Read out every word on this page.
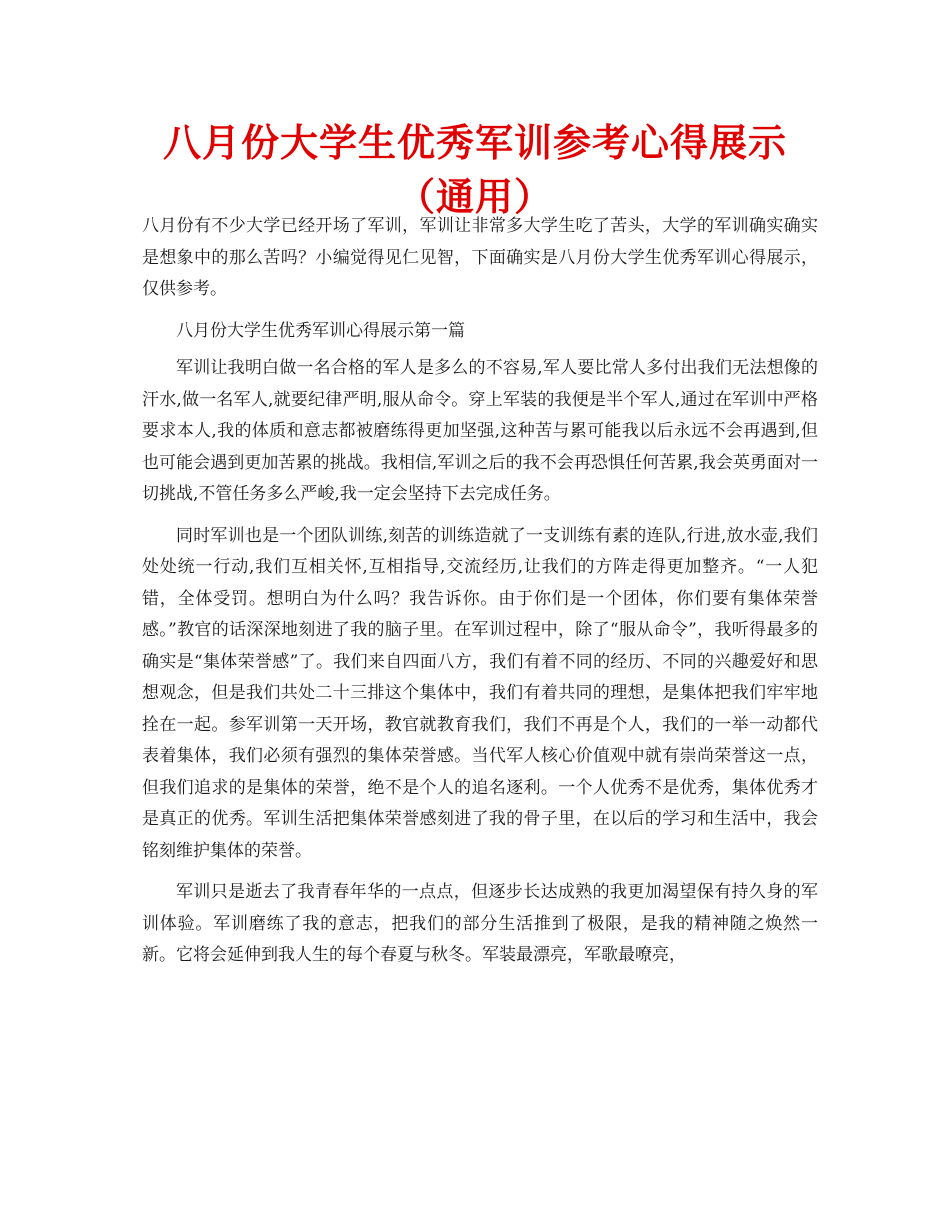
八月份大学生优秀军训参考心得展示（通用）

八月份有不少大学已经开场了军训，军训让非常多大学生吃了苦头，大学的军训确实确实是想象中的那么苦吗？小编觉得见仁见智，下面确实是八月份大学生优秀军训心得展示，仅供参考。

八月份大学生优秀军训心得展示第一篇

军训让我明白做一名合格的军人是多么的不容易,军人要比常人多付出我们无法想像的汗水,做一名军人,就要纪律严明,服从命令。穿上军装的我便是半个军人,通过在军训中严格要求本人,我的体质和意志都被磨练得更加坚强,这种苦与累可能我以后永远不会再遇到,但也可能会遇到更加苦累的挑战。我相信,军训之后的我不会再恐惧任何苦累,我会英勇面对一切挑战,不管任务多么严峻,我一定会坚持下去完成任务。

同时军训也是一个团队训练,刻苦的训练造就了一支训练有素的连队,行进,放水壶,我们处处统一行动,我们互相关怀,互相指导,交流经历,让我们的方阵走得更加整齐。“一人犯错，全体受罚。想明白为什么吗？我告诉你。由于你们是一个团体，你们要有集体荣誉感。”教官的话深深地刻进了我的脑子里。在军训过程中，除了“服从命令”，我听得最多的确实是“集体荣誉感”了。我们来自四面八方，我们有着不同的经历、不同的兴趣爱好和思想观念，但是我们共处二十三排这个集体中，我们有着共同的理想，是集体把我们牢牢地拴在一起。参军训第一天开场，教官就教育我们，我们不再是个人，我们的一举一动都代表着集体，我们必须有强烈的集体荣誉感。当代军人核心价值观中就有崇尚荣誉这一点，但我们追求的是集体的荣誉，绝不是个人的追名逐利。一个人优秀不是优秀，集体优秀才是真正的优秀。军训生活把集体荣誉感刻进了我的骨子里，在以后的学习和生活中，我会铭刻维护集体的荣誉。

军训只是逝去了我青春年华的一点点，但逐步长达成熟的我更加渴望保有持久身的军训体验。军训磨练了我的意志，把我们的部分生活推到了极限，是我的精神随之焕然一新。它将会延伸到我人生的每个春夏与秋冬。军装最漂亮，军歌最嘹亮，
